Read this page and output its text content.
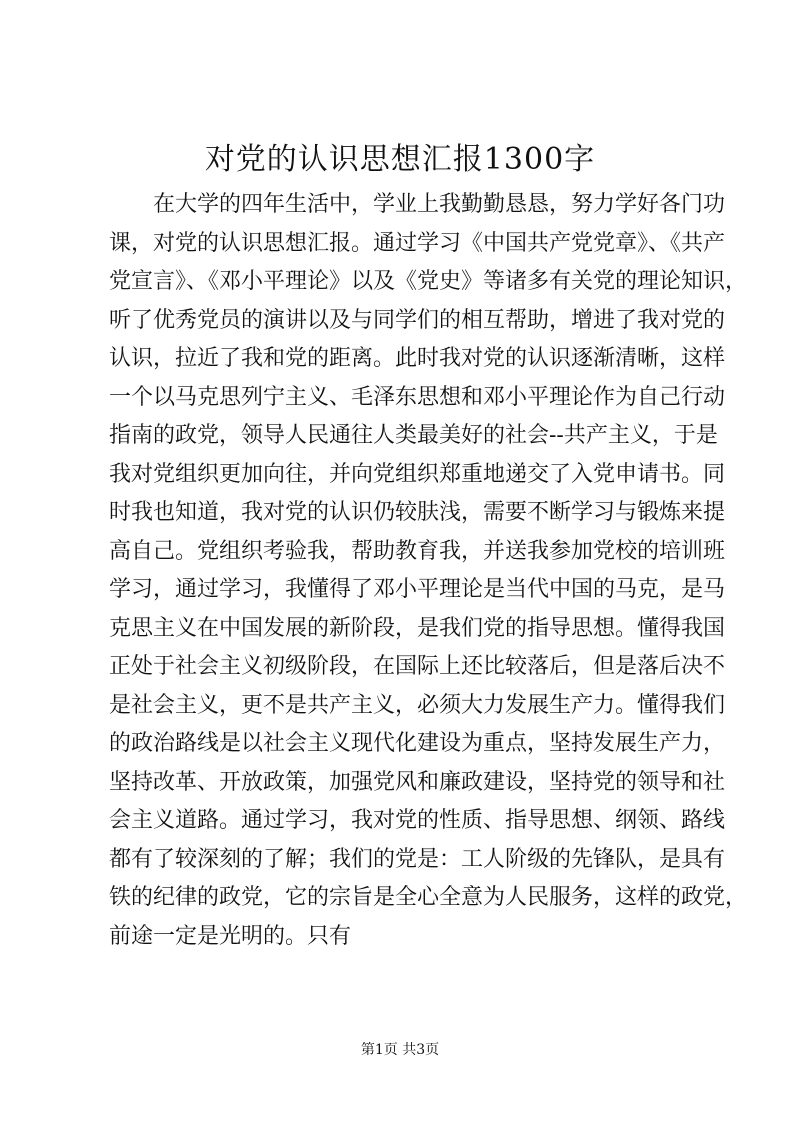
对党的认识思想汇报1300字
在大学的四年生活中，学业上我勤勤恳恳，努力学好各门功
课，对党的认识思想汇报。通过学习《中国共产党党章》、《共产
党宣言》、《邓小平理论》以及《党史》等诸多有关党的理论知识，
听了优秀党员的演讲以及与同学们的相互帮助，增进了我对党的
认识，拉近了我和党的距离。此时我对党的认识逐渐清晰，这样
一个以马克思列宁主义、毛泽东思想和邓小平理论作为自己行动
指南的政党，领导人民通往人类最美好的社会--共产主义，于是
我对党组织更加向往，并向党组织郑重地递交了入党申请书。同
时我也知道，我对党的认识仍较肤浅，需要不断学习与锻炼来提
高自己。党组织考验我，帮助教育我，并送我参加党校的培训班
学习，通过学习，我懂得了邓小平理论是当代中国的马克，是马
克思主义在中国发展的新阶段，是我们党的指导思想。懂得我国
正处于社会主义初级阶段，在国际上还比较落后，但是落后决不
是社会主义，更不是共产主义，必须大力发展生产力。懂得我们
的政治路线是以社会主义现代化建设为重点，坚持发展生产力，
坚持改革、开放政策，加强党风和廉政建设，坚持党的领导和社
会主义道路。通过学习，我对党的性质、指导思想、纲领、路线
都有了较深刻的了解；我们的党是：工人阶级的先锋队，是具有
铁的纪律的政党，它的宗旨是全心全意为人民服务，这样的政党，
前途一定是光明的。只有
第1页 共3页
